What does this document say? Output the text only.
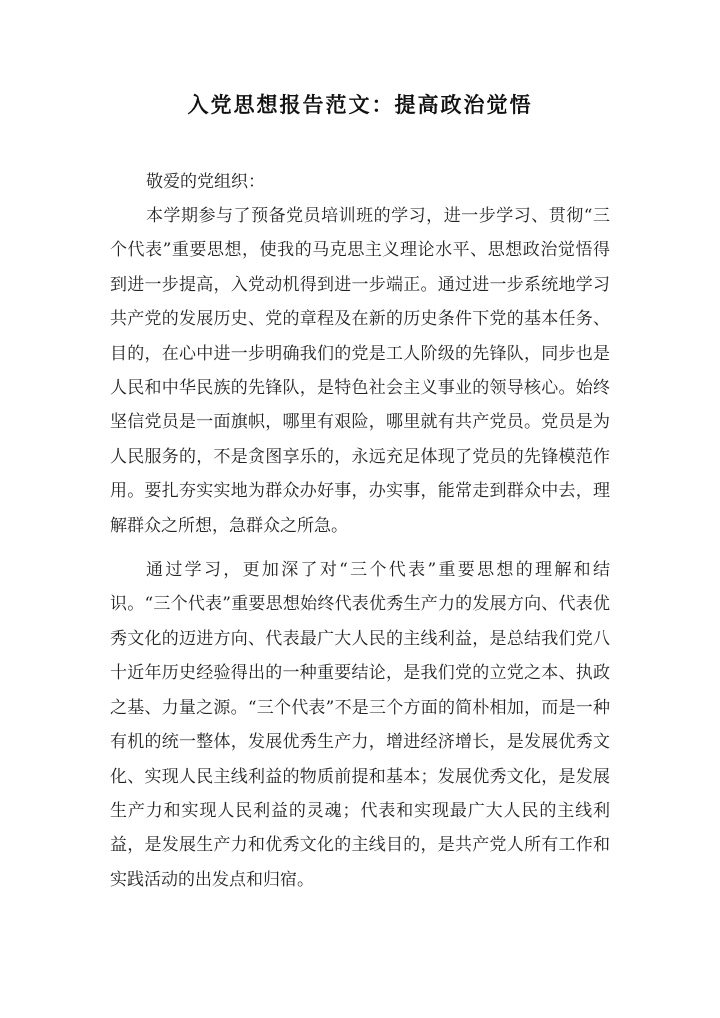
入党思想报告范文：提高政治觉悟

敬爱的党组织：

本学期参与了预备党员培训班的学习，进一步学习、贯彻“三个代表”重要思想，使我的马克思主义理论水平、思想政治觉悟得到进一步提高，入党动机得到进一步端正。通过进一步系统地学习共产党的发展历史、党的章程及在新的历史条件下党的基本任务、目的，在心中进一步明确我们的党是工人阶级的先锋队，同步也是人民和中华民族的先锋队，是特色社会主义事业的领导核心。始终坚信党员是一面旗帜，哪里有艰险，哪里就有共产党员。党员是为人民服务的，不是贪图享乐的，永远充足体现了党员的先锋模范作用。要扎夯实实地为群众办好事，办实事，能常走到群众中去，理解群众之所想，急群众之所急。

通过学习，更加深了对“三个代表”重要思想的理解和结识。“三个代表”重要思想始终代表优秀生产力的发展方向、代表优秀文化的迈进方向、代表最广大人民的主线利益，是总结我们党八十近年历史经验得出的一种重要结论，是我们党的立党之本、执政之基、力量之源。“三个代表”不是三个方面的简朴相加，而是一种有机的统一整体，发展优秀生产力，增进经济增长，是发展优秀文化、实现人民主线利益的物质前提和基本；发展优秀文化，是发展生产力和实现人民利益的灵魂；代表和实现最广大人民的主线利益，是发展生产力和优秀文化的主线目的，是共产党人所有工作和实践活动的出发点和归宿。
